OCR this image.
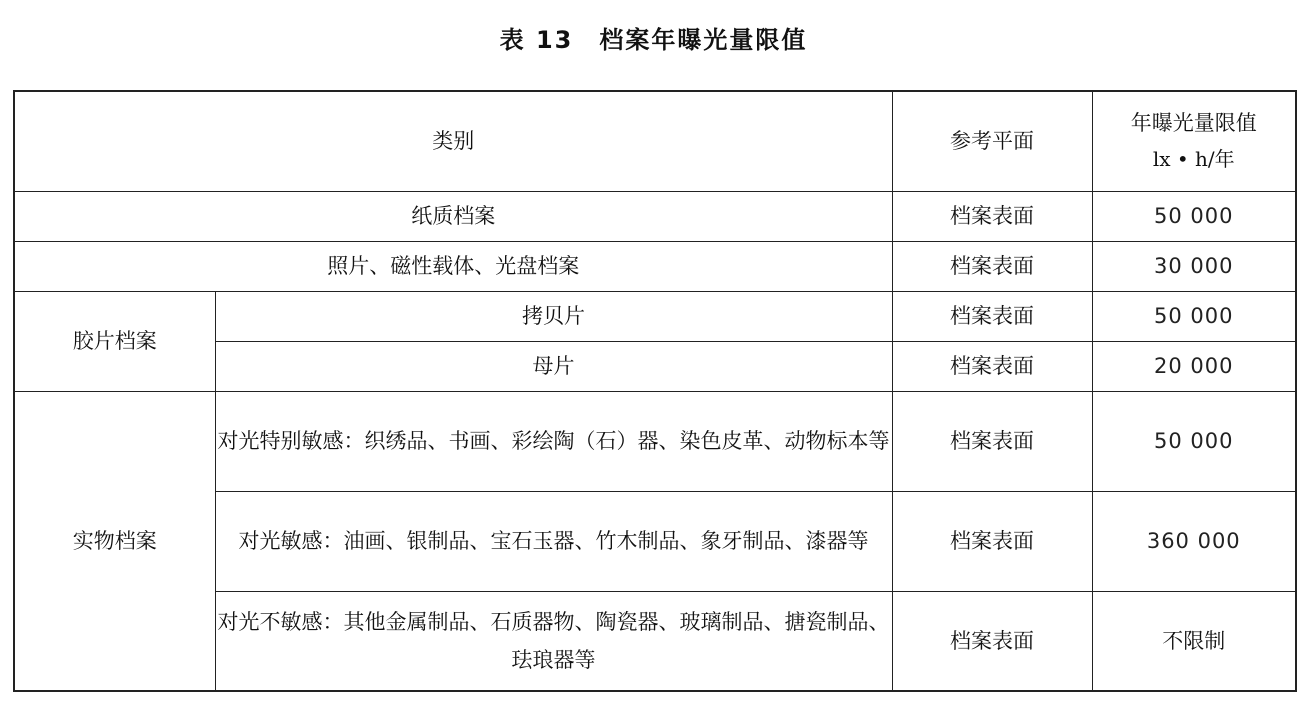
表 13 档案年曝光量限值
类别		参考平面	年曝光量限值
lx • h/年

纸质档案		档案表面	50 000
照片、磁性载体、光盘档案		档案表面	30 000
胶片档案	拷贝片	档案表面	50 000
	母片	档案表面	20 000
实物档案	对光特别敏感：织绣品、书画、彩绘陶（石）器、染色皮革、动物标本等	档案表面	50 000
	对光敏感：油画、银制品、宝石玉器、竹木制品、象牙制品、漆器等	档案表面	360 000
	对光不敏感：其他金属制品、石质器物、陶瓷器、玻璃制品、搪瓷制品、珐琅器等	档案表面	不限制
